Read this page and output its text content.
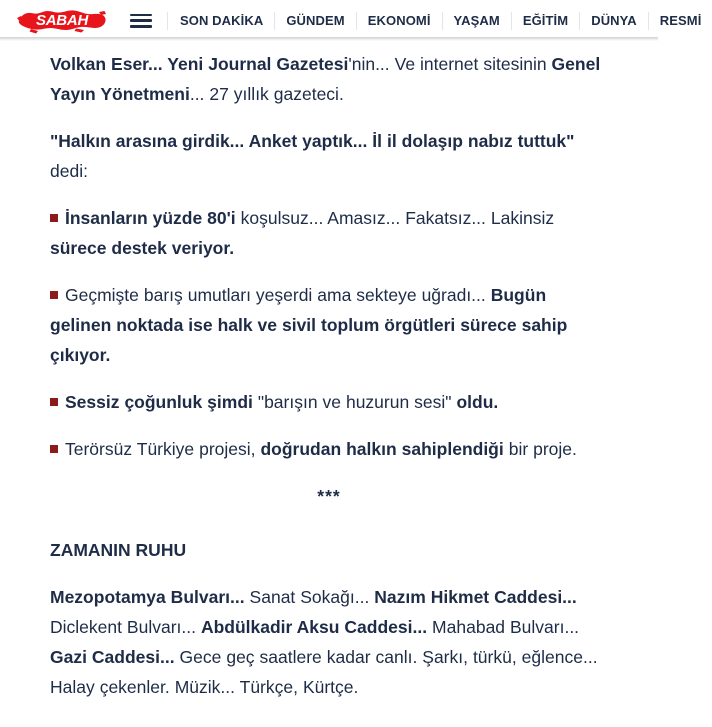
SABAH	SON DAKİKA	GÜNDEM	EKONOMİ	YAŞAM	EĞİTİM	DÜNYA	RESMİ

Volkan Eser... Yeni Journal Gazetesi'nin... Ve internet sitesinin Genel Yayın Yönetmeni... 27 yıllık gazeteci.

"Halkın arasına girdik... Anket yaptık... İl il dolaşıp nabız tuttuk" dedi:

İnsanların yüzde 80'i koşulsuz... Amasız... Fakatsız... Lakinsiz sürece destek veriyor.

Geçmişte barış umutları yeşerdi ama sekteye uğradı... Bugün gelinen noktada ise halk ve sivil toplum örgütleri sürece sahip çıkıyor.

Sessiz çoğunluk şimdi "barışın ve huzurun sesi" oldu.

Terörsüz Türkiye projesi, doğrudan halkın sahiplendiği bir proje.

***
ZAMANIN RUHU

Mezopotamya Bulvarı... Sanat Sokağı... Nazım Hikmet Caddesi... Diclekent Bulvarı... Abdülkadir Aksu Caddesi... Mahabad Bulvarı... Gazi Caddesi... Gece geç saatlere kadar canlı. Şarkı, türkü, eğlence... Halay çekenler. Müzik... Türkçe, Kürtçe.
